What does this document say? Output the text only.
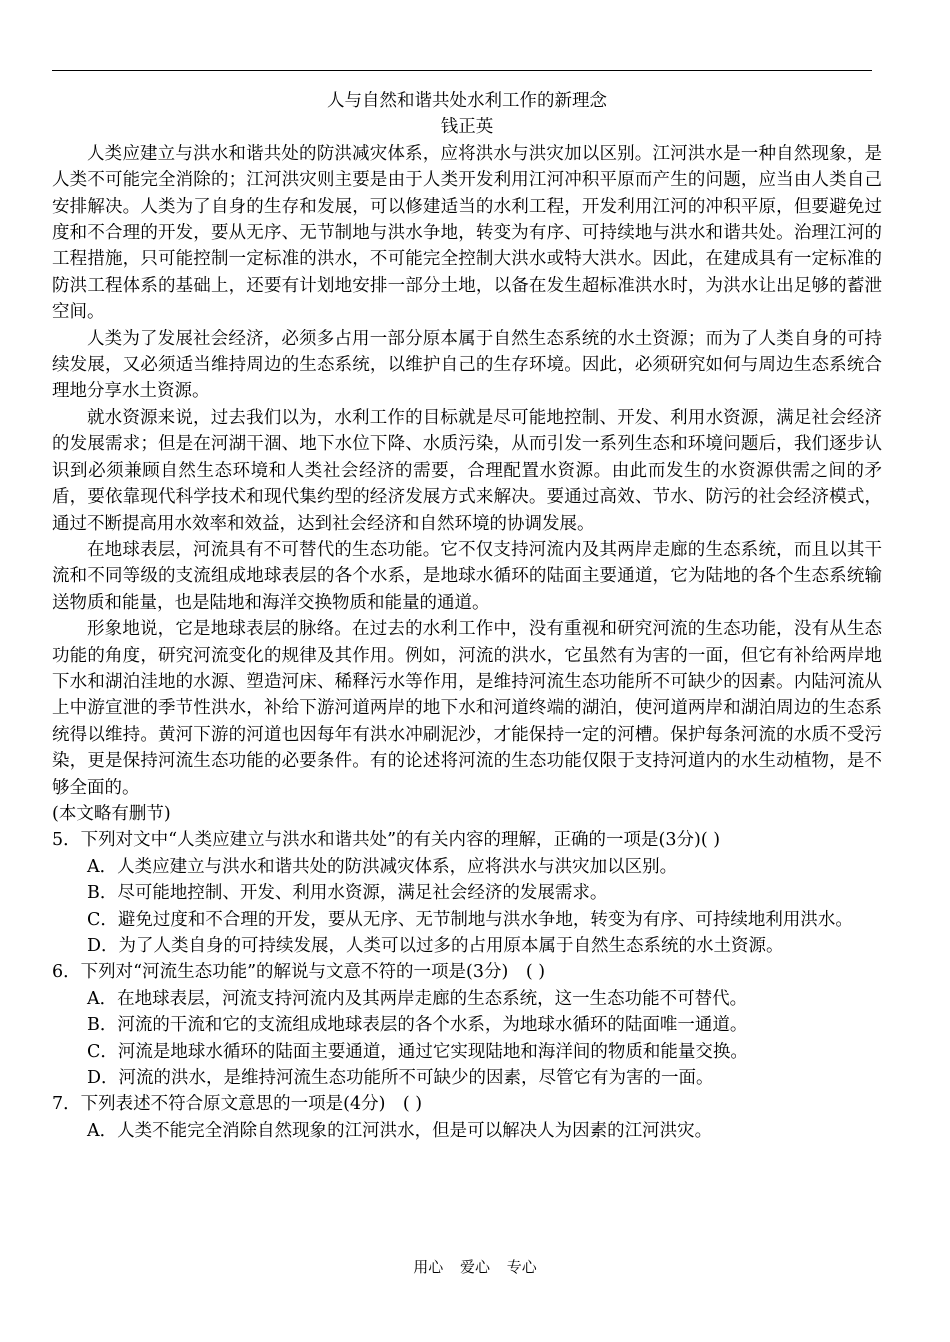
人与自然和谐共处水利工作的新理念

钱正英

人类应建立与洪水和谐共处的防洪减灾体系，应将洪水与洪灾加以区别。江河洪水是一种自然现象，是人类不可能完全消除的；江河洪灾则主要是由于人类开发利用江河冲积平原而产生的问题，应当由人类自己安排解决。人类为了自身的生存和发展，可以修建适当的水利工程，开发利用江河的冲积平原，但要避免过度和不合理的开发，要从无序、无节制地与洪水争地，转变为有序、可持续地与洪水和谐共处。治理江河的工程措施，只可能控制一定标准的洪水，不可能完全控制大洪水或特大洪水。因此，在建成具有一定标准的防洪工程体系的基础上，还要有计划地安排一部分土地，以备在发生超标准洪水时，为洪水让出足够的蓄泄空间。

人类为了发展社会经济，必须多占用一部分原本属于自然生态系统的水土资源；而为了人类自身的可持续发展，又必须适当维持周边的生态系统，以维护自己的生存环境。因此，必须研究如何与周边生态系统合理地分享水土资源。

就水资源来说，过去我们以为，水利工作的目标就是尽可能地控制、开发、利用水资源，满足社会经济的发展需求；但是在河湖干涸、地下水位下降、水质污染，从而引发一系列生态和环境问题后，我们逐步认识到必须兼顾自然生态环境和人类社会经济的需要，合理配置水资源。由此而发生的水资源供需之间的矛盾，要依靠现代科学技术和现代集约型的经济发展方式来解决。要通过高效、节水、防污的社会经济模式，通过不断提高用水效率和效益，达到社会经济和自然环境的协调发展。

在地球表层，河流具有不可替代的生态功能。它不仅支持河流内及其两岸走廊的生态系统，而且以其干流和不同等级的支流组成地球表层的各个水系，是地球水循环的陆面主要通道，它为陆地的各个生态系统输送物质和能量，也是陆地和海洋交换物质和能量的通道。

形象地说，它是地球表层的脉络。在过去的水利工作中，没有重视和研究河流的生态功能，没有从生态功能的角度，研究河流变化的规律及其作用。例如，河流的洪水，它虽然有为害的一面，但它有补给两岸地下水和湖泊洼地的水源、塑造河床、稀释污水等作用，是维持河流生态功能所不可缺少的因素。内陆河流从上中游宣泄的季节性洪水，补给下游河道两岸的地下水和河道终端的湖泊，使河道两岸和湖泊周边的生态系统得以维持。黄河下游的河道也因每年有洪水冲刷泥沙，才能保持一定的河槽。保护每条河流的水质不受污染，更是保持河流生态功能的必要条件。有的论述将河流的生态功能仅限于支持河道内的水生动植物，是不够全面的。

(本文略有删节)

5．下列对文中“人类应建立与洪水和谐共处”的有关内容的理解，正确的一项是(3分)( )

A．人类应建立与洪水和谐共处的防洪减灾体系，应将洪水与洪灾加以区别。

B．尽可能地控制、开发、利用水资源，满足社会经济的发展需求。

C．避免过度和不合理的开发，要从无序、无节制地与洪水争地，转变为有序、可持续地利用洪水。

D．为了人类自身的可持续发展，人类可以过多的占用原本属于自然生态系统的水土资源。

6．下列对“河流生态功能”的解说与文意不符的一项是(3分)　( )

A．在地球表层，河流支持河流内及其两岸走廊的生态系统，这一生态功能不可替代。

B．河流的干流和它的支流组成地球表层的各个水系，为地球水循环的陆面唯一通道。

C．河流是地球水循环的陆面主要通道，通过它实现陆地和海洋间的物质和能量交换。

D．河流的洪水，是维持河流生态功能所不可缺少的因素，尽管它有为害的一面。

7．下列表述不符合原文意思的一项是(4分)　( )

A．人类不能完全消除自然现象的江河洪水，但是可以解决人为因素的江河洪灾。

用心 爱心 专心
